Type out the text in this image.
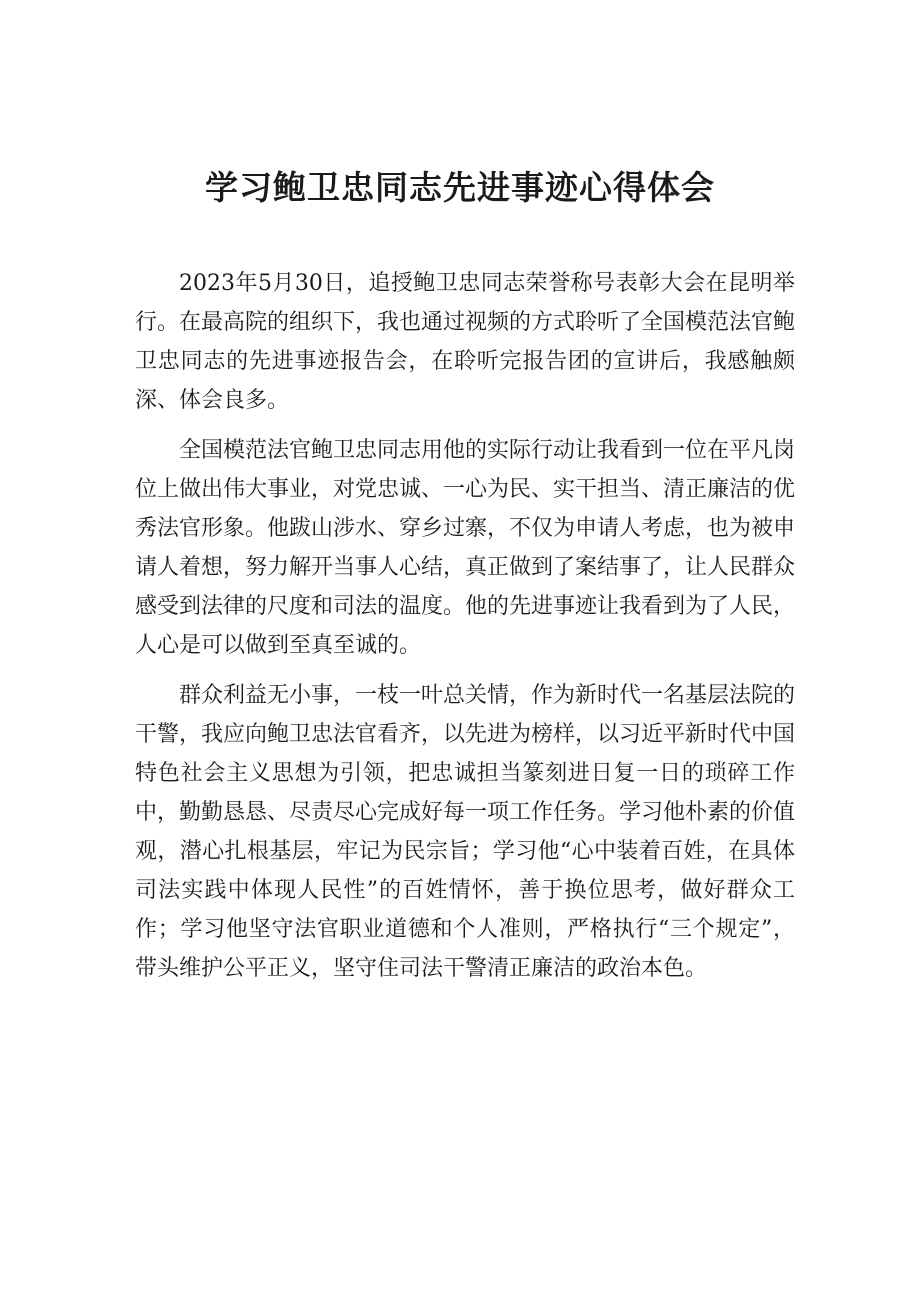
学习鲍卫忠同志先进事迹心得体会

2023年5月30日，追授鲍卫忠同志荣誉称号表彰大会在昆明举行。在最高院的组织下，我也通过视频的方式聆听了全国模范法官鲍卫忠同志的先进事迹报告会，在聆听完报告团的宣讲后，我感触颇深、体会良多。

全国模范法官鲍卫忠同志用他的实际行动让我看到一位在平凡岗位上做出伟大事业，对党忠诚、一心为民、实干担当、清正廉洁的优秀法官形象。他跋山涉水、穿乡过寨，不仅为申请人考虑，也为被申请人着想，努力解开当事人心结，真正做到了案结事了，让人民群众感受到法律的尺度和司法的温度。他的先进事迹让我看到为了人民，人心是可以做到至真至诚的。

群众利益无小事，一枝一叶总关情，作为新时代一名基层法院的干警，我应向鲍卫忠法官看齐，以先进为榜样，以习近平新时代中国特色社会主义思想为引领，把忠诚担当篆刻进日复一日的琐碎工作中，勤勤恳恳、尽责尽心完成好每一项工作任务。学习他朴素的价值观，潜心扎根基层，牢记为民宗旨；学习他“心中装着百姓，在具体司法实践中体现人民性”的百姓情怀，善于换位思考，做好群众工作；学习他坚守法官职业道德和个人准则，严格执行“三个规定”，带头维护公平正义，坚守住司法干警清正廉洁的政治本色。
